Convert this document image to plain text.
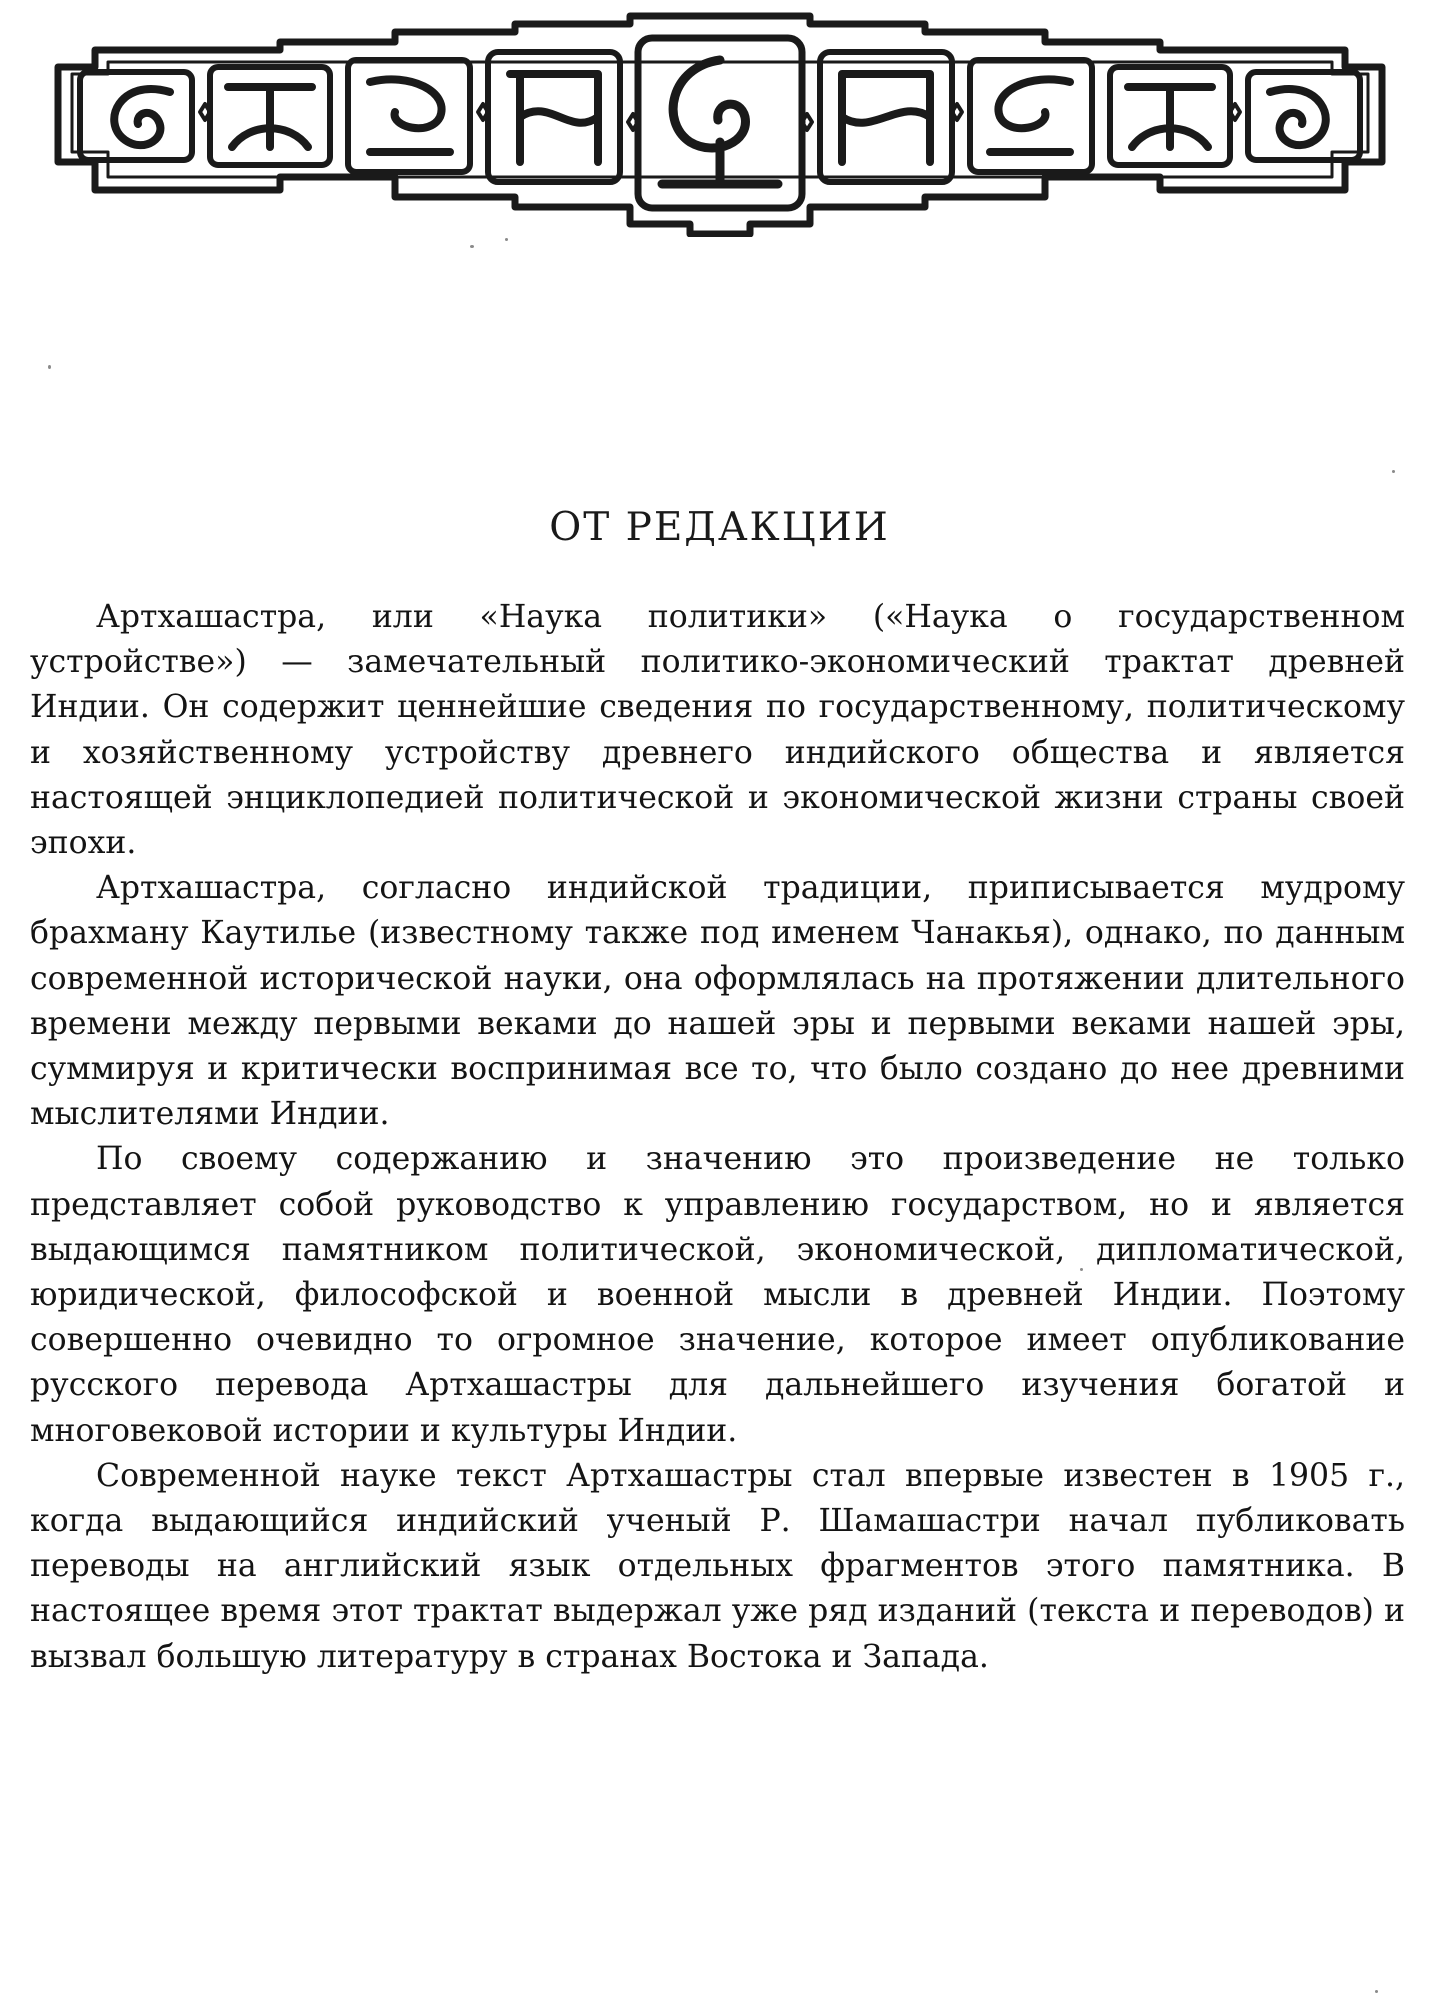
ОТ РЕДАКЦИИ

Артхашастра, или «Наука политики» («Наука о государственном устройстве») — замечательный политико-экономический трактат древней Индии. Он содержит ценнейшие сведения по государственному, политическому и хозяйственному устройству древнего индийского общества и является настоящей энциклопедией политической и экономической жизни страны своей эпохи.

Артхашастра, согласно индийской традиции, приписывается мудрому брахману Каутилье (известному также под именем Чанакья), однако, по данным современной исторической науки, она оформлялась на протяжении длительного времени между первыми веками до нашей эры и первыми веками нашей эры, суммируя и критически воспринимая все то, что было создано до нее древними мыслителями Индии.

По своему содержанию и значению это произведение не только представляет собой руководство к управлению государством, но и является выдающимся памятником политической, экономической, дипломатической, юридической, философской и военной мысли в древней Индии. Поэтому совершенно очевидно то огромное значение, которое имеет опубликование русского перевода Артхашастры для дальнейшего изучения богатой и многовековой истории и культуры Индии.

Современной науке текст Артхашастры стал впервые известен в 1905 г., когда выдающийся индийский ученый Р. Шамашастри начал публиковать переводы на английский язык отдельных фрагментов этого памятника. В настоящее время этот трактат выдержал уже ряд изданий (текста и переводов) и вызвал большую литературу в странах Востока и Запада.
